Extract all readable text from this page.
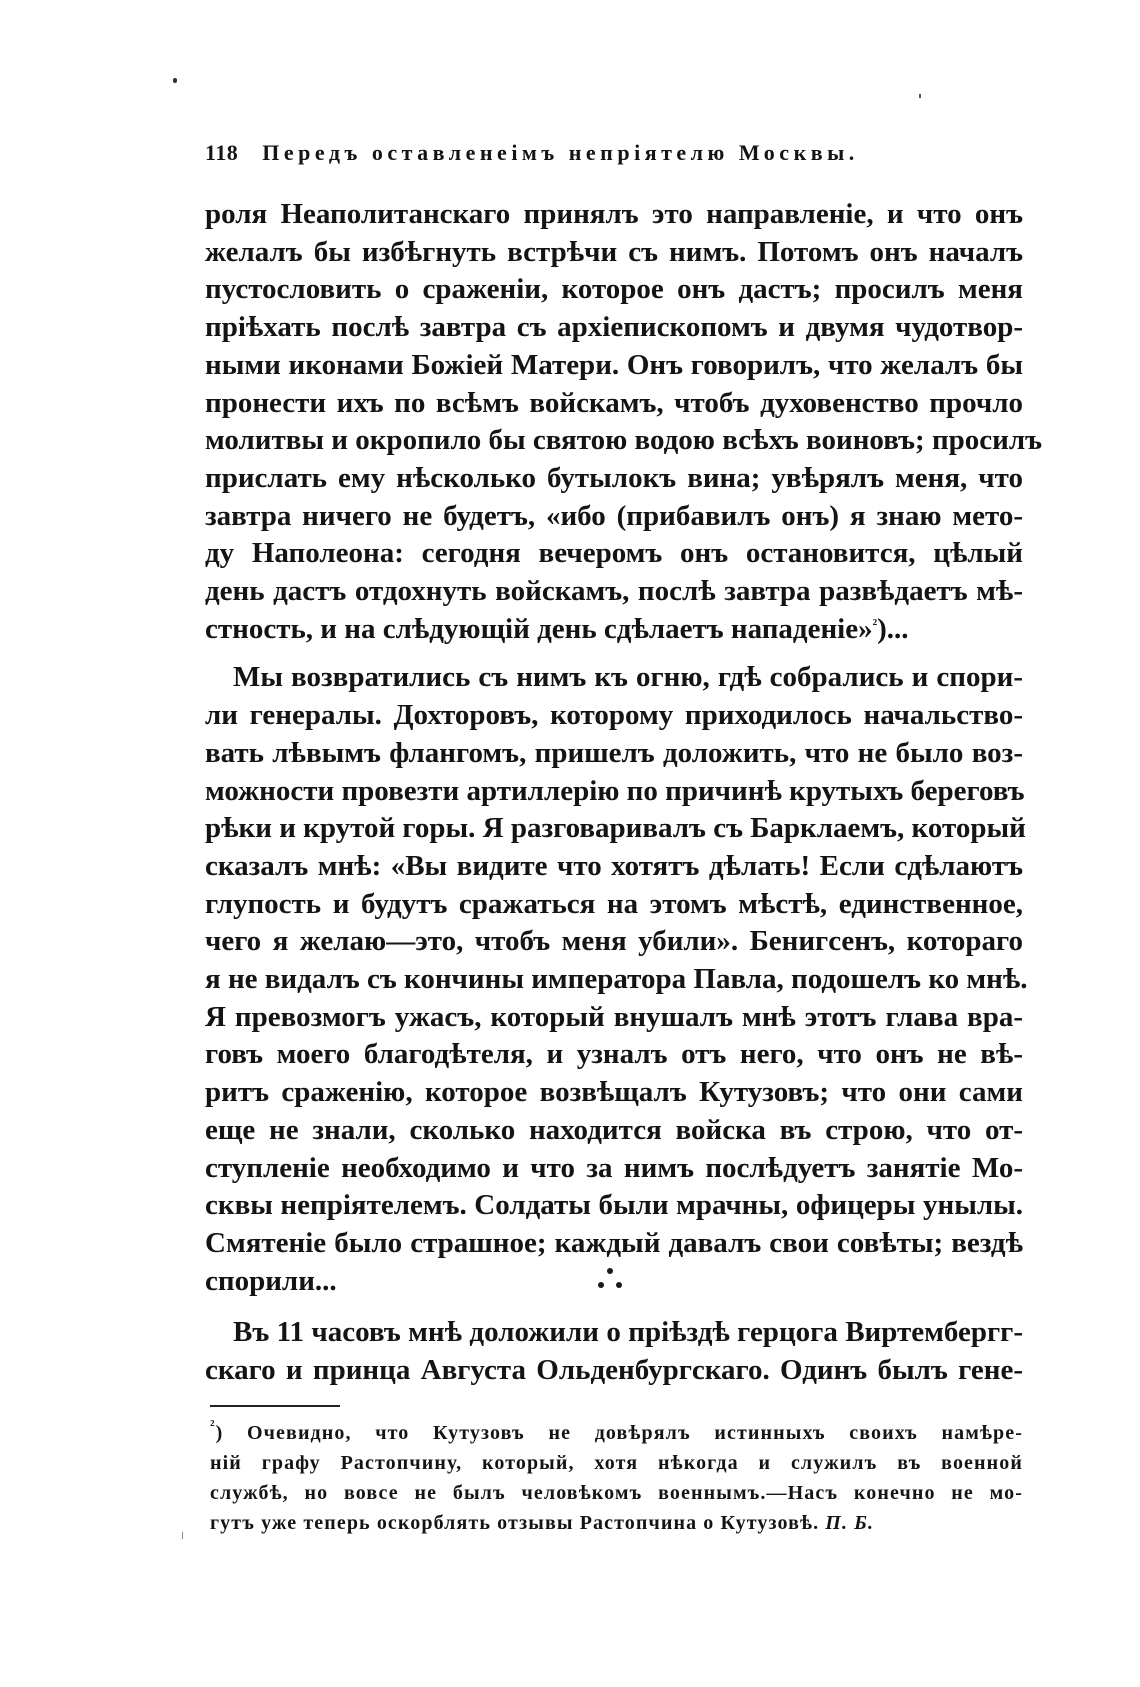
118 Передъ оставленеiмъ непрiятелю Москвы.
роля Неаполитанскаго принялъ это направленіе, и что онъ
желалъ бы избѣгнуть встрѣчи съ нимъ. Потомъ онъ началъ
пустословить о сраженіи, которое онъ дастъ; просилъ меня
пріѣхать послѣ завтра съ архіепископомъ и двумя чудотвор-
ными иконами Божіей Матери. Онъ говорилъ, что желалъ бы
пронести ихъ по всѣмъ войскамъ, чтобъ духовенство прочло
молитвы и окропило бы святою водою всѣхъ воиновъ; просилъ
прислать ему нѣсколько бутылокъ вина; увѣрялъ меня, что
завтра ничего не будетъ, «ибо (прибавилъ онъ) я знаю мето-
ду Наполеона: сегодня вечеромъ онъ остановится, цѣлый
день дастъ отдохнуть войскамъ, послѣ завтра развѣдаетъ мѣ-
стность, и на слѣдующій день сдѣлаетъ нападеніе»$^{^2}$)...
Мы возвратились съ нимъ къ огню, гдѣ собрались и спори-
ли генералы. Дохторовъ, которому приходилось начальство-
вать лѣвымъ флангомъ, пришелъ доложить, что не было воз-
можности провезти артиллерію по причинѣ крутыхъ береговъ
рѣки и крутой горы. Я разговаривалъ съ Барклаемъ, который
сказалъ мнѣ: «Вы видите что хотятъ дѣлать! Если сдѣлаютъ
глупость и будутъ сражаться на этомъ мѣстѣ, единственное,
чего я желаю—это, чтобъ меня убили». Бенигсенъ, котораго
я не видалъ съ кончины императора Павла, подошелъ ко мнѣ.
Я превозмогъ ужасъ, который внушалъ мнѣ этотъ глава вра-
говъ моего благодѣтеля, и узналъ отъ него, что онъ не вѣ-
ритъ сраженію, которое возвѣщалъ Кутузовъ; что они сами
еще не знали, сколько находится войска въ строю, что от-
ступленіе необходимо и что за нимъ послѣдуетъ занятіе Мо-
сквы непріятелемъ. Солдаты были мрачны, офицеры унылы.
Смятеніе было страшное; каждый давалъ свои совѣты; вездѣ
спорили...
Въ 11 часовъ мнѣ доложили о пріѣздѣ герцога Виртембергг-
скаго и принца Августа Ольденбургскаго. Одинъ былъ гене-
$^{^2}$) Очевидно, что Кутузовъ не довѣрялъ истинныхъ своихъ намѣре-
ній графу Растопчину, который, хотя нѣкогда и служилъ въ военной
службѣ, но вовсе не былъ человѣкомъ военнымъ.—Насъ конечно не мо-
гутъ уже теперь оскорблять отзывы Растопчина о Кутузовѣ. П. Б.
